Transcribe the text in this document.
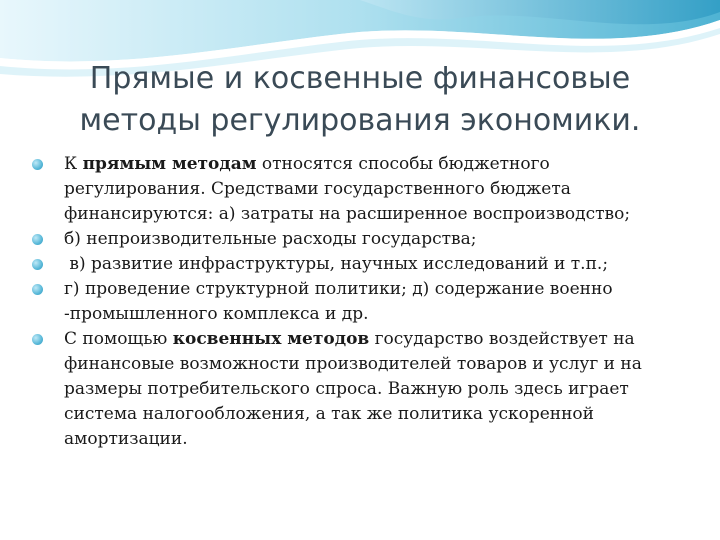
Прямые и косвенные финансовые
методы регулирования экономики.
К прямым методам относятся способы бюджетного регулирования. Средствами государственного бюджета финансируются: а) затраты на расширенное воспроизводство;
б) непроизводительные расходы государства;
в) развитие инфраструктуры, научных исследований и т.п.;
г) проведение структурной политики; д) содержание военно -промышленного комплекса и др.
С помощью косвенных методов государство воздействует на финансовые возможности производителей товаров и услуг и на размеры потребительского спроса. Важную роль здесь играет система налогообложения, а так же политика ускоренной амортизации.
